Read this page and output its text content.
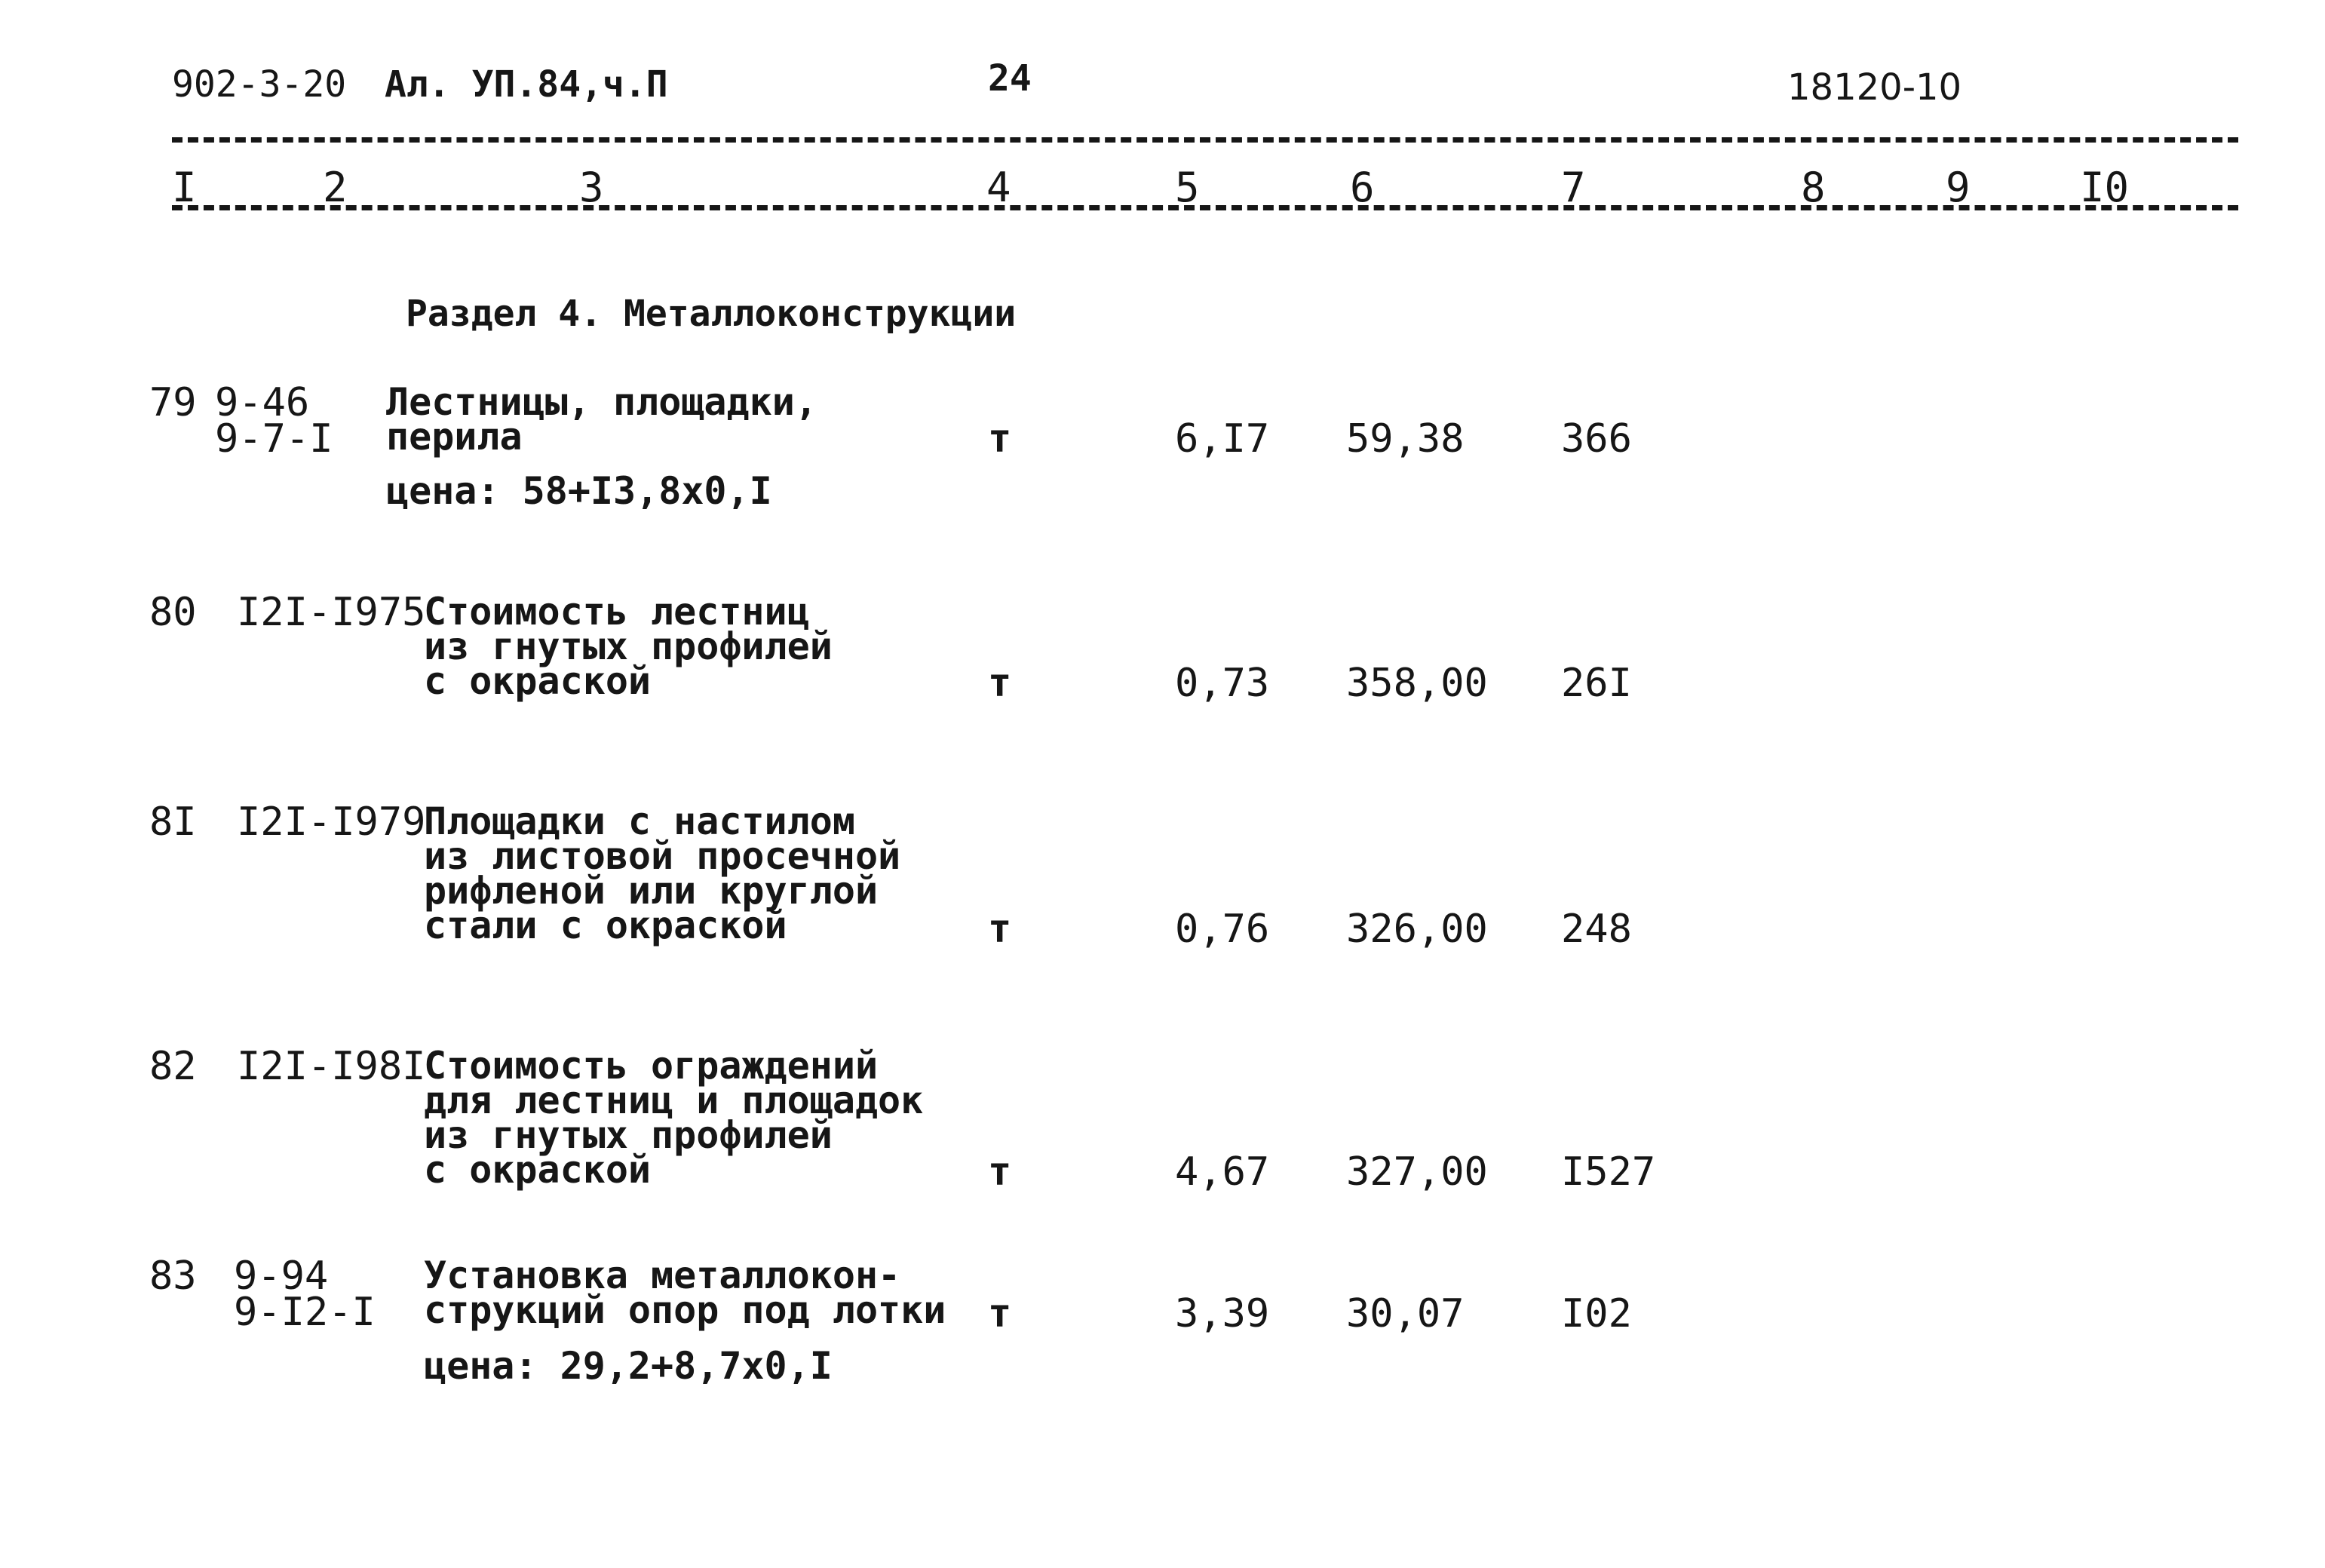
902-3-20 Ал. УП.84,ч.П	24	18120-10
I	2	3	4	5	6	7	8	9	I0
Раздел 4. Металлоконструкции
79 9-46
9-7-I
Лестницы, площадки,
перила
цена: 58+I3,8x0,I
т	6,I7 59,38 366
80 I2I-I975
Стоимость лестниц
из гнутых профилей
с окраской	т	0,73 358,00 26I
8I I2I-I979
Площадки с настилом
из листовой просечной
рифленой или круглой
стали с окраской	т	0,76 326,00 248
82 I2I-I98I
Стоимость ограждений
для лестниц и площадок
из гнутых профилей
с окраской	т	4,67 327,00 I527
83 9-94
9-I2-I
Установка металлокон-
струкций опор под лотки
цена: 29,2+8,7x0,I
т	3,39 30,07 I02
